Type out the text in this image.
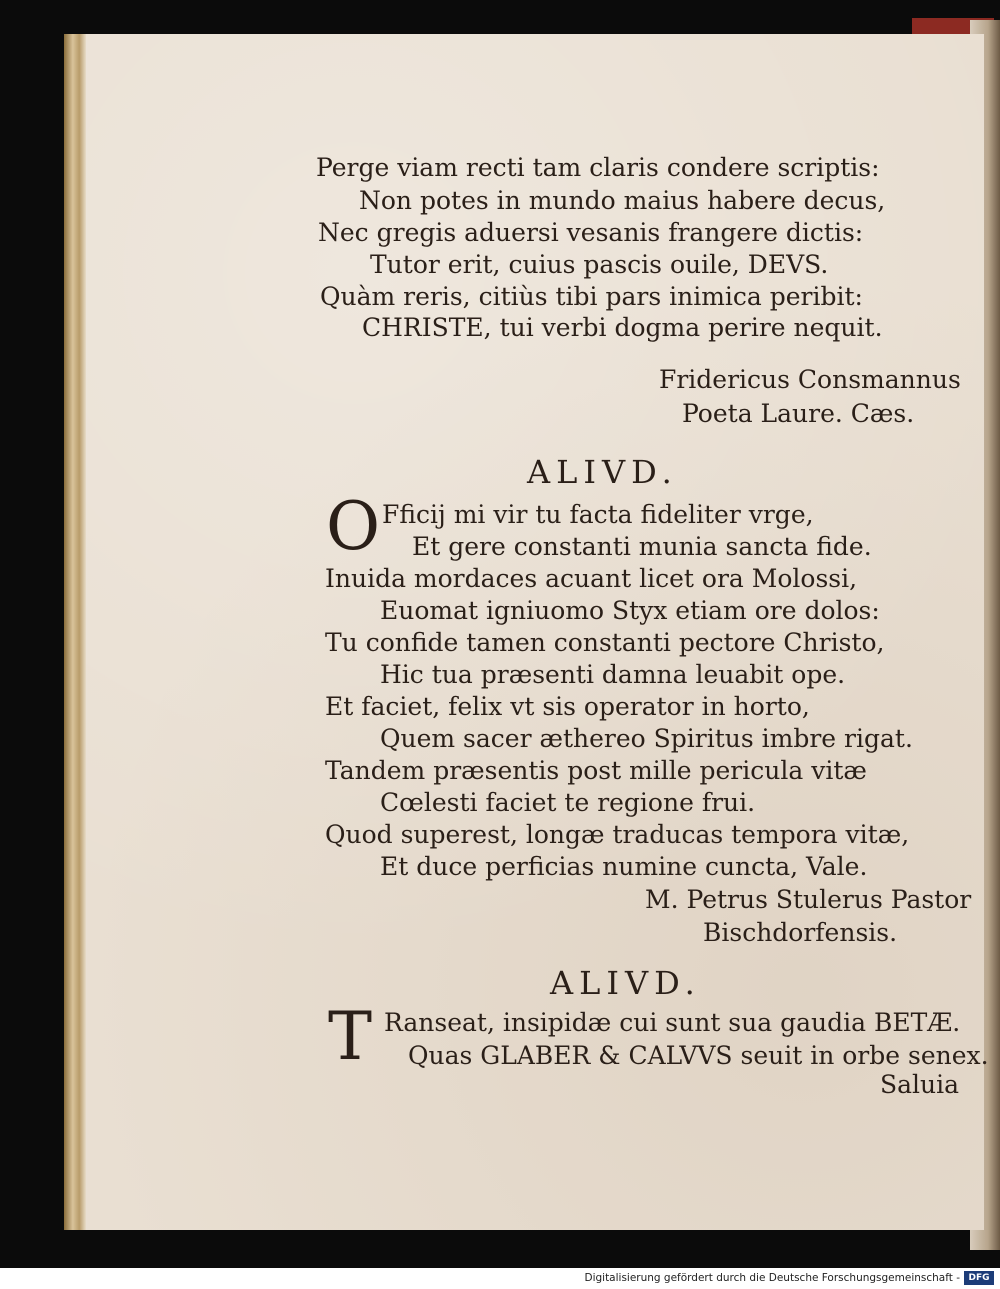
Perge viam recti tam claris condere scriptis:
Non potes in mundo maius habere decus,
Nec gregis aduersi vesanis frangere dictis:
Tutor erit, cuius pascis ouile, DEVS.
Quàm reris, citiùs tibi pars inimica peribit:
CHRISTE, tui verbi dogma perire nequit.
Fridericus Consmannus
Poeta Laure. Cæs.
ALIVD.
O Fficij mi vir tu facta fideliter vrge,
Et gere constanti munia sancta fide.
Inuida mordaces acuant licet ora Molossi,
Euomat igniuomo Styx etiam ore dolos:
Tu confide tamen constanti pectore Christo,
Hic tua præsenti damna leuabit ope.
Et faciet, felix vt sis operator in horto,
Quem sacer æthereo Spiritus imbre rigat.
Tandem præsentis post mille pericula vitæ
Cœlesti faciet te regione frui.
Quod superest, longæ traducas tempora vitæ,
Et duce perficias numine cuncta, Vale.
M. Petrus Stulerus Pastor
Bischdorfensis.
ALIVD.
T Ranseat, insipidæ cui sunt sua gaudia BETÆ.
Quas GLABER & CALVVS seuit in orbe senex.
Saluia
Digitalisierung gefördert durch die Deutsche Forschungsgemeinschaft - DFG
